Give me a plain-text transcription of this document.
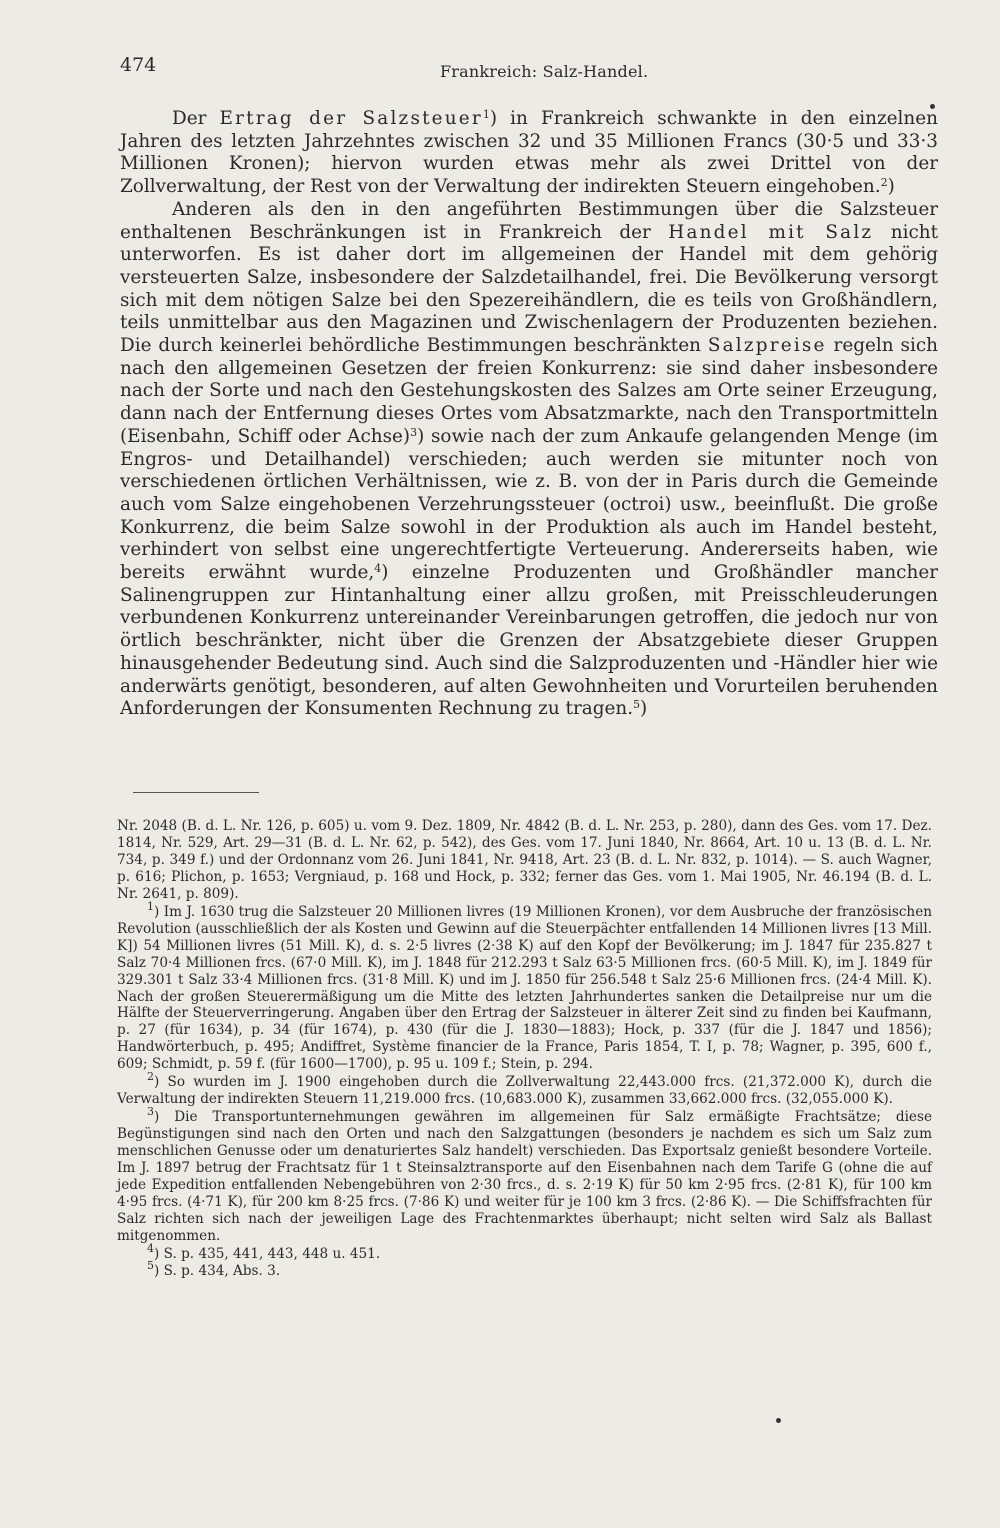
474	Frankreich: Salz-Handel.

Der Ertrag der Salzsteuer$^1$) in Frankreich schwankte in den einzelnen Jahren des letzten Jahrzehntes zwischen 32 und 35 Millionen Francs (30·5 und 33·3 Millionen Kronen); hiervon wurden etwas mehr als zwei Drittel von der Zollverwaltung, der Rest von der Verwaltung der indirekten Steuern eingehoben.$^2$)

Anderen als den in den angeführten Bestimmungen über die Salzsteuer enthaltenen Beschränkungen ist in Frankreich der Handel mit Salz nicht unterworfen. Es ist daher dort im allgemeinen der Handel mit dem gehörig versteuerten Salze, insbesondere der Salzdetailhandel, frei. Die Bevölkerung versorgt sich mit dem nötigen Salze bei den Spezereihändlern, die es teils von Großhändlern, teils unmittelbar aus den Magazinen und Zwischenlagern der Produzenten beziehen. Die durch keinerlei behördliche Bestimmungen beschränkten Salzpreise regeln sich nach den allgemeinen Gesetzen der freien Konkurrenz: sie sind daher insbesondere nach der Sorte und nach den Gestehungskosten des Salzes am Orte seiner Erzeugung, dann nach der Entfernung dieses Ortes vom Absatzmarkte, nach den Transportmitteln (Eisenbahn, Schiff oder Achse)$^3$) sowie nach der zum Ankaufe gelangenden Menge (im Engros- und Detailhandel) verschieden; auch werden sie mitunter noch von verschiedenen örtlichen Verhältnissen, wie z. B. von der in Paris durch die Gemeinde auch vom Salze eingehobenen Verzehrungssteuer (octroi) usw., beeinflußt. Die große Konkurrenz, die beim Salze sowohl in der Produktion als auch im Handel besteht, verhindert von selbst eine ungerechtfertigte Verteuerung. Andererseits haben, wie bereits erwähnt wurde,$^4$) einzelne Produzenten und Großhändler mancher Salinengruppen zur Hintanhaltung einer allzu großen, mit Preisschleuderungen verbundenen Konkurrenz untereinander Vereinbarungen getroffen, die jedoch nur von örtlich beschränkter, nicht über die Grenzen der Absatzgebiete dieser Gruppen hinausgehender Bedeutung sind. Auch sind die Salzproduzenten und -Händler hier wie anderwärts genötigt, besonderen, auf alten Gewohnheiten und Vorurteilen beruhenden Anforderungen der Konsumenten Rechnung zu tragen.$^5$)

Nr. 2048 (B. d. L. Nr. 126, p. 605) u. vom 9. Dez. 1809, Nr. 4842 (B. d. L. Nr. 253, p. 280), dann des Ges. vom 17. Dez. 1814, Nr. 529, Art. 29—31 (B. d. L. Nr. 62, p. 542), des Ges. vom 17. Juni 1840, Nr. 8664, Art. 10 u. 13 (B. d. L. Nr. 734, p. 349 f.) und der Ordonnanz vom 26. Juni 1841, Nr. 9418, Art. 23 (B. d. L. Nr. 832, p. 1014). — S. auch Wagner, p. 616; Plichon, p. 1653; Vergniaud, p. 168 und Hock, p. 332; ferner das Ges. vom 1. Mai 1905, Nr. 46.194 (B. d. L. Nr. 2641, p. 809).

$^1$) Im J. 1630 trug die Salzsteuer 20 Millionen livres (19 Millionen Kronen), vor dem Ausbruche der französischen Revolution (ausschließlich der als Kosten und Gewinn auf die Steuerpächter entfallenden 14 Millionen livres [13 Mill. K]) 54 Millionen livres (51 Mill. K), d. s. 2·5 livres (2·38 K) auf den Kopf der Bevölkerung; im J. 1847 für 235.827 t Salz 70·4 Millionen frcs. (67·0 Mill. K), im J. 1848 für 212.293 t Salz 63·5 Millionen frcs. (60·5 Mill. K), im J. 1849 für 329.301 t Salz 33·4 Millionen frcs. (31·8 Mill. K) und im J. 1850 für 256.548 t Salz 25·6 Millionen frcs. (24·4 Mill. K). Nach der großen Steuerermäßigung um die Mitte des letzten Jahrhundertes sanken die Detailpreise nur um die Hälfte der Steuerverringerung. Angaben über den Ertrag der Salzsteuer in älterer Zeit sind zu finden bei Kaufmann, p. 27 (für 1634), p. 34 (für 1674), p. 430 (für die J. 1830—1883); Hock, p. 337 (für die J. 1847 und 1856); Handwörterbuch, p. 495; Andiffret, Système financier de la France, Paris 1854, T. I, p. 78; Wagner, p. 395, 600 f., 609; Schmidt, p. 59 f. (für 1600—1700), p. 95 u. 109 f.; Stein, p. 294.

$^2$) So wurden im J. 1900 eingehoben durch die Zollverwaltung 22,443.000 frcs. (21,372.000 K), durch die Verwaltung der indirekten Steuern 11,219.000 frcs. (10,683.000 K), zusammen 33,662.000 frcs. (32,055.000 K).

$^3$) Die Transportunternehmungen gewähren im allgemeinen für Salz ermäßigte Frachtsätze; diese Begünstigungen sind nach den Orten und nach den Salzgattungen (besonders je nachdem es sich um Salz zum menschlichen Genusse oder um denaturiertes Salz handelt) verschieden. Das Exportsalz genießt besondere Vorteile. Im J. 1897 betrug der Frachtsatz für 1 t Steinsalztransporte auf den Eisenbahnen nach dem Tarife G (ohne die auf jede Expedition entfallenden Nebengebühren von 2·30 frcs., d. s. 2·19 K) für 50 km 2·95 frcs. (2·81 K), für 100 km 4·95 frcs. (4·71 K), für 200 km 8·25 frcs. (7·86 K) und weiter für je 100 km 3 frcs. (2·86 K). — Die Schiffsfrachten für Salz richten sich nach der jeweiligen Lage des Frachtenmarktes überhaupt; nicht selten wird Salz als Ballast mitgenommen.

$^4$) S. p. 435, 441, 443, 448 u. 451.

$^5$) S. p. 434, Abs. 3.
